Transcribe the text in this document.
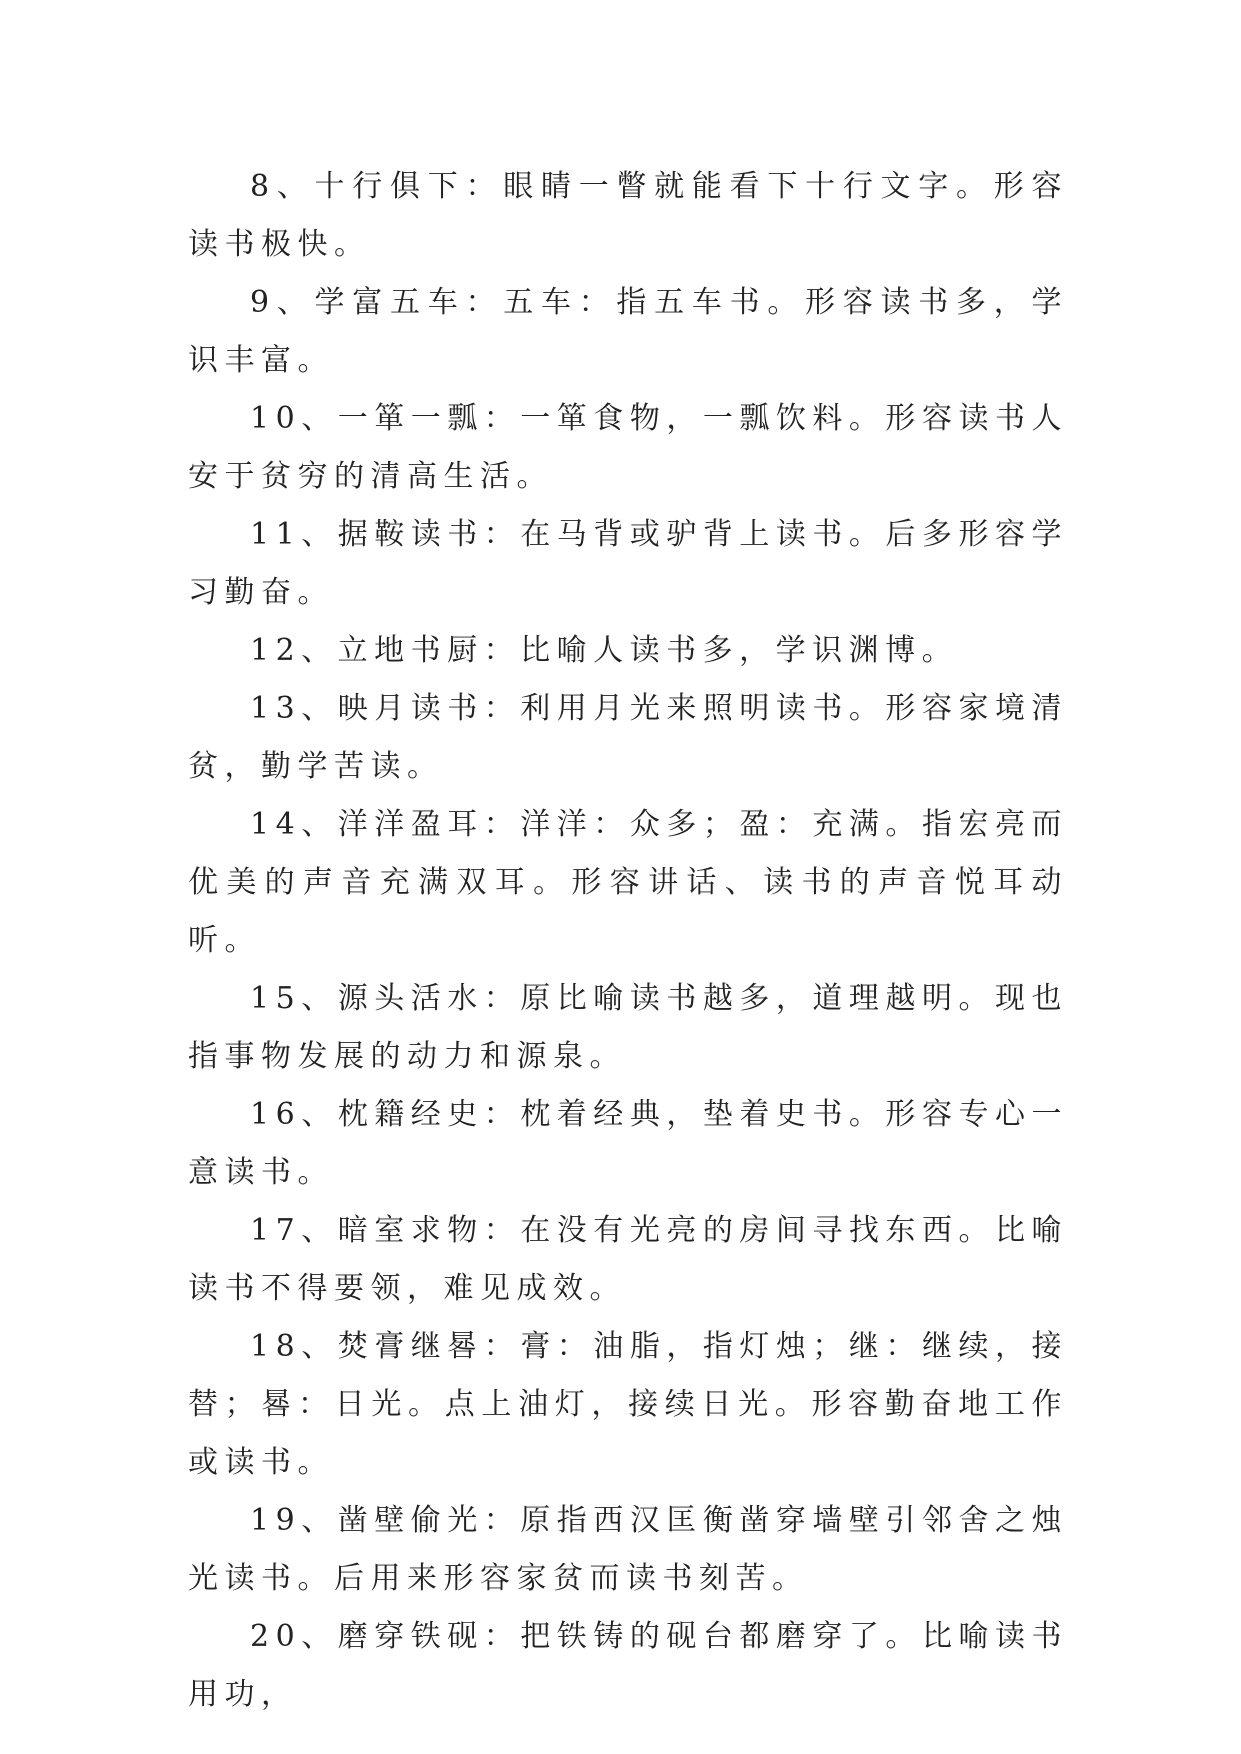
8、十行俱下：眼睛一瞥就能看下十行文字。形容读书极快。

9、学富五车：五车：指五车书。形容读书多，学识丰富。

10、一箪一瓢：一箪食物，一瓢饮料。形容读书人安于贫穷的清高生活。

11、据鞍读书：在马背或驴背上读书。后多形容学习勤奋。

12、立地书厨：比喻人读书多，学识渊博。

13、映月读书：利用月光来照明读书。形容家境清贫，勤学苦读。

14、洋洋盈耳：洋洋：众多；盈：充满。指宏亮而优美的声音充满双耳。形容讲话、读书的声音悦耳动听。

15、源头活水：原比喻读书越多，道理越明。现也指事物发展的动力和源泉。

16、枕籍经史：枕着经典，垫着史书。形容专心一意读书。

17、暗室求物：在没有光亮的房间寻找东西。比喻读书不得要领，难见成效。

18、焚膏继晷：膏：油脂，指灯烛；继：继续，接替；晷：日光。点上油灯，接续日光。形容勤奋地工作或读书。

19、凿壁偷光：原指西汉匡衡凿穿墙壁引邻舍之烛光读书。后用来形容家贫而读书刻苦。

20、磨穿铁砚：把铁铸的砚台都磨穿了。比喻读书用功，
